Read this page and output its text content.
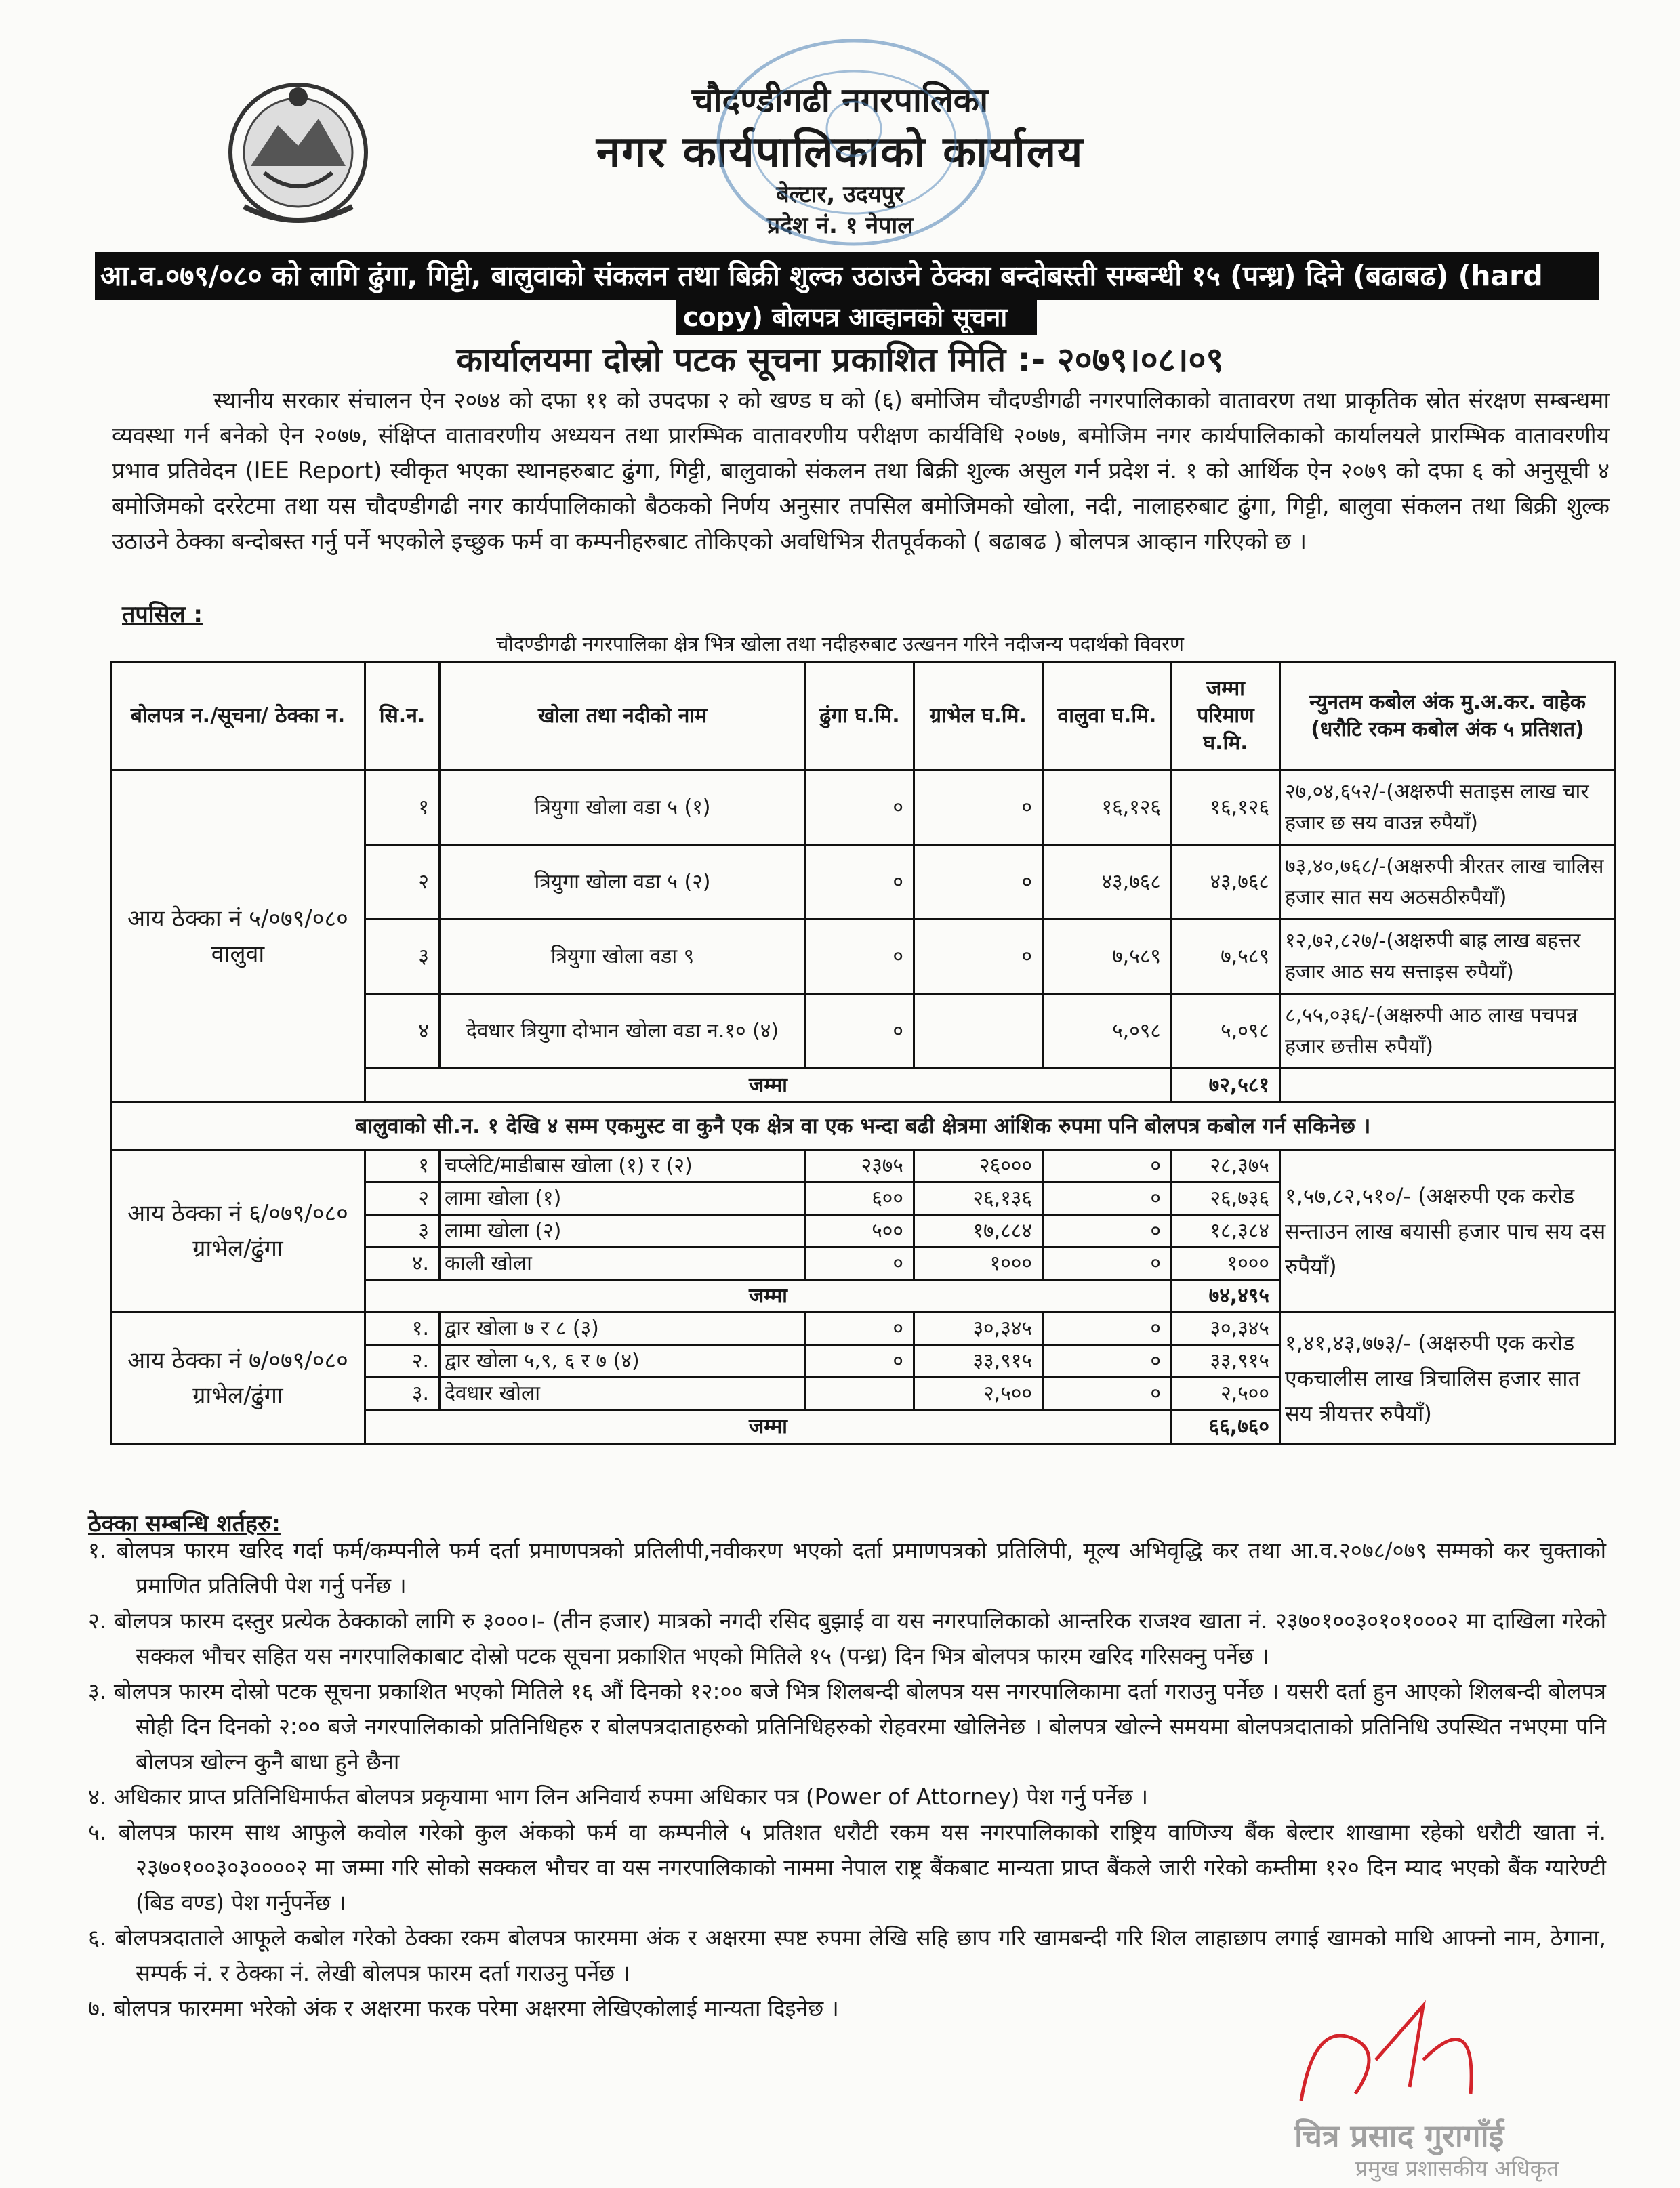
चौदण्डीगढी नगरपालिका
नगर कार्यपालिकाको कार्यालय
बेल्टार, उदयपुर
प्रदेश नं. १ नेपाल
आ.व.०७९/०८० को लागि ढुंगा, गिट्टी, बालुवाको संकलन तथा बिक्री शुल्क उठाउने ठेक्का बन्दोबस्ती सम्बन्धी १५ (पन्ध्र) दिने (बढाबढ) (hard
copy) बोलपत्र आव्हानको सूचना
कार्यालयमा दोस्रो पटक सूचना प्रकाशित मिति :- २०७९।०८।०९
स्थानीय सरकार संचालन ऐन २०७४ को दफा ११ को उपदफा २ को खण्ड घ को (६) बमोजिम चौदण्डीगढी नगरपालिकाको वातावरण तथा प्राकृतिक स्रोत संरक्षण सम्बन्धमा व्यवस्था गर्न बनेको ऐन २०७७, संक्षिप्त वातावरणीय अध्ययन तथा प्रारम्भिक वातावरणीय परीक्षण कार्यविधि २०७७, बमोजिम नगर कार्यपालिकाको कार्यालयले प्रारम्भिक वातावरणीय प्रभाव प्रतिवेदन (IEE Report) स्वीकृत भएका स्थानहरुबाट ढुंगा, गिट्टी, बालुवाको संकलन तथा बिक्री शुल्क असुल गर्न प्रदेश नं. १ को आर्थिक ऐन २०७९ को दफा ६ को अनुसूची ४ बमोजिमको दररेटमा तथा यस चौदण्डीगढी नगर कार्यपालिकाको बैठकको निर्णय अनुसार तपसिल बमोजिमको खोला, नदी, नालाहरुबाट ढुंगा, गिट्टी, बालुवा संकलन तथा बिक्री शुल्क उठाउने ठेक्का बन्दोबस्त गर्नु पर्ने भएकोले इच्छुक फर्म वा कम्पनीहरुबाट तोकिएको अवधिभित्र रीतपूर्वकको ( बढाबढ ) बोलपत्र आव्हान गरिएको छ ।
तपसिल :
चौदण्डीगढी नगरपालिका क्षेत्र भित्र खोला तथा नदीहरुबाट उत्खनन गरिने नदीजन्य पदार्थको विवरण
बोलपत्र न./सूचना/ ठेक्का न.	सि.न.	खोला तथा नदीको नाम	ढुंगा घ.मि.	ग्राभेल घ.मि.	वालुवा घ.मि.	जम्मा परिमाण घ.मि.	न्युनतम कबोल अंक मु.अ.कर. वाहेक (धरौटि रकम कबोल अंक ५ प्रतिशत)
आय ठेक्का नं ५/०७९/०८० वालुवा	१	त्रियुगा खोला वडा ५ (१)	०	०	१६,१२६	१६,१२६	२७,०४,६५२/-(अक्षरुपी सताइस लाख चार हजार छ सय वाउन्न रुपैयाँ)
	२	त्रियुगा खोला वडा ५ (२)	०	०	४३,७६८	४३,७६८	७३,४०,७६८/-(अक्षरुपी त्रीरतर लाख चालिस हजार सात सय अठसठीरुपैयाँ)
	३	त्रियुगा खोला वडा ९	०	०	७,५८९	७,५८९	१२,७२,८२७/-(अक्षरुपी बाह्र लाख बहत्तर हजार आठ सय सत्ताइस रुपैयाँ)
	४	देवधार त्रियुगा दोभान खोला वडा न.१० (४)	०		५,०९८	५,०९८	८,५५,०३६/-(अक्षरुपी आठ लाख पचपन्न हजार छत्तीस रुपैयाँ)
	जम्मा					७२,५८१	
बालुवाको सी.न. १ देखि ४ सम्म एकमुस्ट वा कुनै एक क्षेत्र वा एक भन्दा बढी क्षेत्रमा आंशिक रुपमा पनि बोलपत्र कबोल गर्न सकिनेछ ।							
आय ठेक्का नं ६/०७९/०८० ग्राभेल/ढुंगा	१	चप्लेटि/माडीबास खोला (१) र (२)	२३७५	२६०००	०	२८,३७५	१,५७,८२,५१०/- (अक्षरुपी एक करोड सन्ताउन लाख बयासी हजार पाच सय दस रुपैयाँ)
	२	लामा खोला (१)	६००	२६,१३६	०	२६,७३६	
	३	लामा खोला (२)	५००	१७,८८४	०	१८,३८४	
	४.	काली खोला	०	१०००	०	१०००	
	जम्मा					७४,४९५	
आय ठेक्का नं ७/०७९/०८० ग्राभेल/ढुंगा	१.	द्वार खोला ७ र ८ (३)	०	३०,३४५	०	३०,३४५	१,४१,४३,७७३/- (अक्षरुपी एक करोड एकचालीस लाख त्रिचालिस हजार सात सय त्रीयत्तर रुपैयाँ)
	२.	द्वार खोला ५,९, ६ र ७ (४)	०	३३,९१५	०	३३,९१५	
	३.	देवधार खोला		२,५००	०	२,५००	
	जम्मा					६६,७६०	
ठेक्का सम्बन्धि शर्तहरु:

१. बोलपत्र फारम खरिद गर्दा फर्म/कम्पनीले फर्म दर्ता प्रमाणपत्रको प्रतिलीपी,नवीकरण भएको दर्ता प्रमाणपत्रको प्रतिलिपी, मूल्य अभिवृद्धि कर तथा आ.व.२०७८/०७९ सम्मको कर चुक्ताको प्रमाणित प्रतिलिपी पेश गर्नु पर्नेछ ।

२. बोलपत्र फारम दस्तुर प्रत्येक ठेक्काको लागि रु ३०००।- (तीन हजार) मात्रको नगदी रसिद बुझाई वा यस नगरपालिकाको आन्तरिक राजश्व खाता नं. २३७०१००३०१०१०००२ मा दाखिला गरेको सक्कल भौचर सहित यस नगरपालिकाबाट दोस्रो पटक सूचना प्रकाशित भएको मितिले १५ (पन्ध्र) दिन भित्र बोलपत्र फारम खरिद गरिसक्नु पर्नेछ ।

३. बोलपत्र फारम दोस्रो पटक सूचना प्रकाशित भएको मितिले १६ औं दिनको १२:०० बजे भित्र शिलबन्दी बोलपत्र यस नगरपालिकामा दर्ता गराउनु पर्नेछ । यसरी दर्ता हुन आएको शिलबन्दी बोलपत्र सोही दिन दिनको २:०० बजे नगरपालिकाको प्रतिनिधिहरु र बोलपत्रदाताहरुको प्रतिनिधिहरुको रोहवरमा खोलिनेछ । बोलपत्र खोल्ने समयमा बोलपत्रदाताको प्रतिनिधि उपस्थित नभएमा पनि बोलपत्र खोल्न कुनै बाधा हुने छैना

४. अधिकार प्राप्त प्रतिनिधिमार्फत बोलपत्र प्रकृयामा भाग लिन अनिवार्य रुपमा अधिकार पत्र (Power of Attorney) पेश गर्नु पर्नेछ ।

५. बोलपत्र फारम साथ आफुले कवोल गरेको कुल अंकको फर्म वा कम्पनीले ५ प्रतिशत धरौटी रकम यस नगरपालिकाको राष्ट्रिय वाणिज्य बैंक बेल्टार शाखामा रहेको धरौटी खाता नं. २३७०१००३०३००००२ मा जम्मा गरि सोको सक्कल भौचर वा यस नगरपालिकाको नाममा नेपाल राष्ट्र बैंकबाट मान्यता प्राप्त बैंकले जारी गरेको कम्तीमा १२० दिन म्याद भएको बैंक ग्यारेण्टी (बिड वण्ड) पेश गर्नुपर्नेछ ।

६. बोलपत्रदाताले आफूले कबोल गरेको ठेक्का रकम बोलपत्र फारममा अंक र अक्षरमा स्पष्ट रुपमा लेखि सहि छाप गरि खामबन्दी गरि शिल लाहाछाप लगाई खामको माथि आफ्नो नाम, ठेगाना, सम्पर्क नं. र ठेक्का नं. लेखी बोलपत्र फारम दर्ता गराउनु पर्नेछ ।

७. बोलपत्र फारममा भरेको अंक र अक्षरमा फरक परेमा अक्षरमा लेखिएकोलाई मान्यता दिइनेछ ।

चित्र प्रसाद गुरागाँई
प्रमुख प्रशासकीय अधिकृत
